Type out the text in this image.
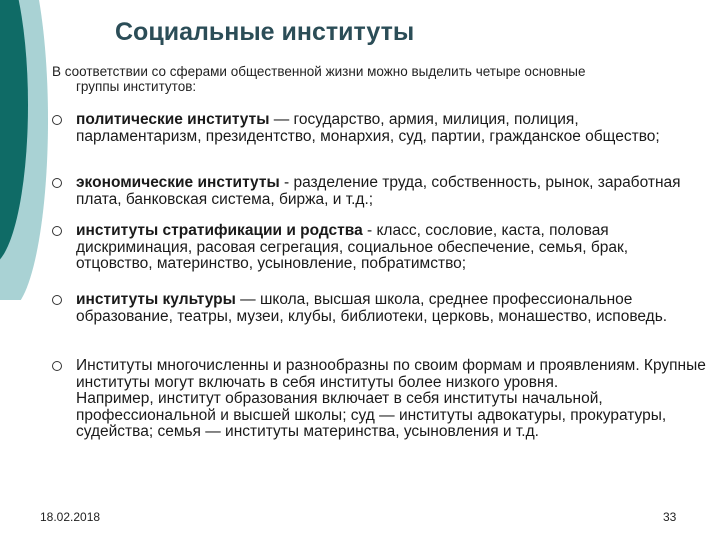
Социальные институты
В соответствии со сферами общественной жизни можно выделить четыре основные
группы институтов:
политические институты — государство, армия, милиция, полиция, парламентаризм, президентство, монархия, суд, партии, гражданское общество;
экономические институты - разделение труда, собственность, рынок, заработная плата, банковская система, биржа, и т.д.;
институты стратификации и родства - класс, сословие, каста, половая дискриминация, расовая сегрегация, социальное обеспечение, семья, брак, отцовство, материнство, усыновление, побратимство;
институты культуры — школа, высшая школа, среднее профессиональное образование, театры, музеи, клубы, библиотеки, церковь, монашество, исповедь.
Институты многочисленны и разнообразны по своим формам и проявлениям. Крупные институты могут включать в себя институты более низкого уровня.
Например, институт образования включает в себя институты начальной, профессиональной и высшей школы; суд — институты адвокатуры, прокуратуры, судейства; семья — институты материнства, усыновления и т.д.
18.02.2018	33
